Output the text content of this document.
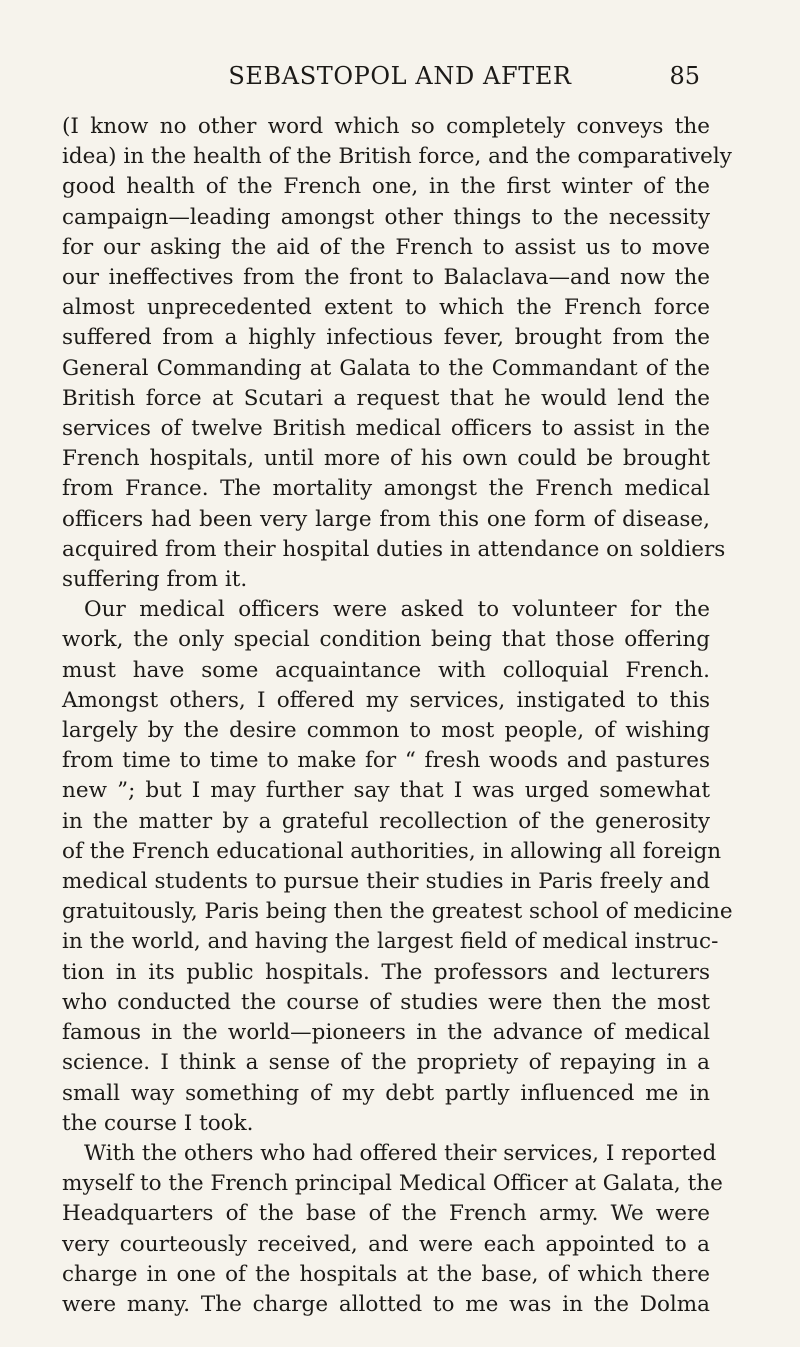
SEBASTOPOL AND AFTER	85
(I know no other word which so completely conveys the
idea) in the health of the British force, and the comparatively
good health of the French one, in the first winter of the
campaign—leading amongst other things to the necessity
for our asking the aid of the French to assist us to move
our ineffectives from the front to Balaclava—and now the
almost unprecedented extent to which the French force
suffered from a highly infectious fever, brought from the
General Commanding at Galata to the Commandant of the
British force at Scutari a request that he would lend the
services of twelve British medical officers to assist in the
French hospitals, until more of his own could be brought
from France. The mortality amongst the French medical
officers had been very large from this one form of disease,
acquired from their hospital duties in attendance on soldiers
suffering from it.
Our medical officers were asked to volunteer for the
work, the only special condition being that those offering
must have some acquaintance with colloquial French.
Amongst others, I offered my services, instigated to this
largely by the desire common to most people, of wishing
from time to time to make for “ fresh woods and pastures
new ”; but I may further say that I was urged somewhat
in the matter by a grateful recollection of the generosity
of the French educational authorities, in allowing all foreign
medical students to pursue their studies in Paris freely and
gratuitously, Paris being then the greatest school of medicine
in the world, and having the largest field of medical instruc-
tion in its public hospitals. The professors and lecturers
who conducted the course of studies were then the most
famous in the world—pioneers in the advance of medical
science. I think a sense of the propriety of repaying in a
small way something of my debt partly influenced me in
the course I took.
With the others who had offered their services, I reported
myself to the French principal Medical Officer at Galata, the
Headquarters of the base of the French army. We were
very courteously received, and were each appointed to a
charge in one of the hospitals at the base, of which there
were many. The charge allotted to me was in the Dolma
